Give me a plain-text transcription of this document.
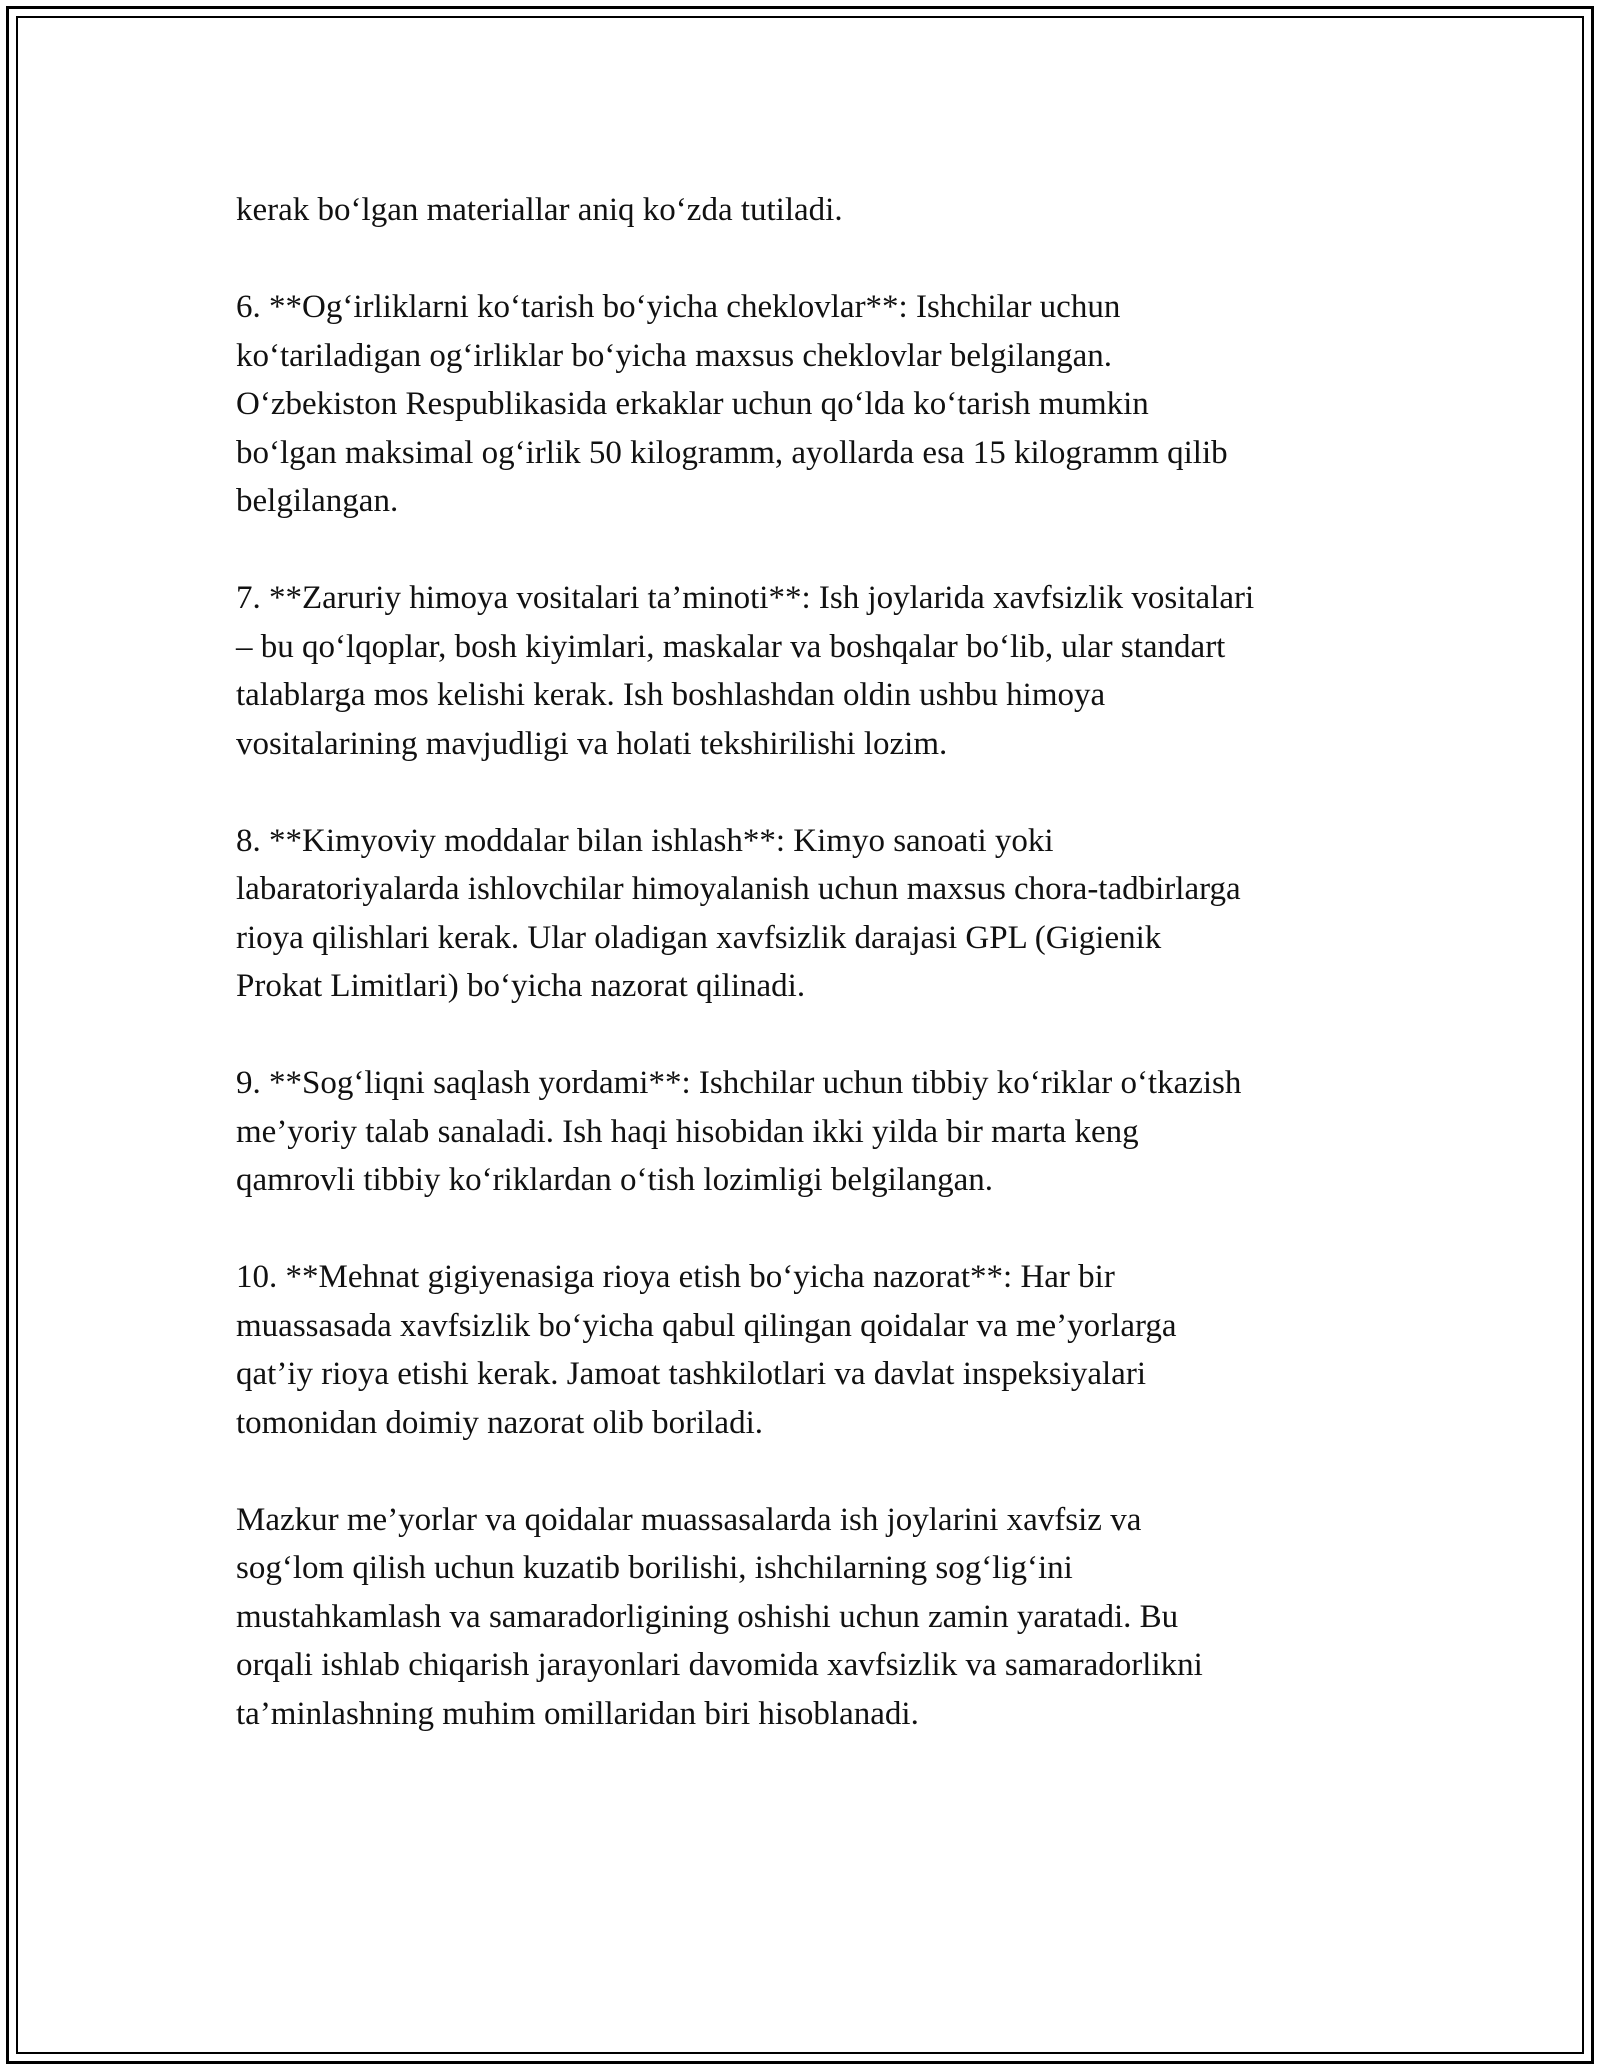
kerak bo‘lgan materiallar aniq ko‘zda tutiladi.

6. **Og‘irliklarni ko‘tarish bo‘yicha cheklovlar**: Ishchilar uchun
ko‘tariladigan og‘irliklar bo‘yicha maxsus cheklovlar belgilangan.
O‘zbekiston Respublikasida erkaklar uchun qo‘lda ko‘tarish mumkin
bo‘lgan maksimal og‘irlik 50 kilogramm, ayollarda esa 15 kilogramm qilib
belgilangan.

7. **Zaruriy himoya vositalari ta’minoti**: Ish joylarida xavfsizlik vositalari
– bu qo‘lqoplar, bosh kiyimlari, maskalar va boshqalar bo‘lib, ular standart
talablarga mos kelishi kerak. Ish boshlashdan oldin ushbu himoya
vositalarining mavjudligi va holati tekshirilishi lozim.

8. **Kimyoviy moddalar bilan ishlash**: Kimyo sanoati yoki
labaratoriyalarda ishlovchilar himoyalanish uchun maxsus chora-tadbirlarga
rioya qilishlari kerak. Ular oladigan xavfsizlik darajasi GPL (Gigienik
Prokat Limitlari) bo‘yicha nazorat qilinadi.

9. **Sog‘liqni saqlash yordami**: Ishchilar uchun tibbiy ko‘riklar o‘tkazish
me’yoriy talab sanaladi. Ish haqi hisobidan ikki yilda bir marta keng
qamrovli tibbiy ko‘riklardan o‘tish lozimligi belgilangan.

10. **Mehnat gigiyenasiga rioya etish bo‘yicha nazorat**: Har bir
muassasada xavfsizlik bo‘yicha qabul qilingan qoidalar va me’yorlarga
qat’iy rioya etishi kerak. Jamoat tashkilotlari va davlat inspeksiyalari
tomonidan doimiy nazorat olib boriladi.

Mazkur me’yorlar va qoidalar muassasalarda ish joylarini xavfsiz va
sog‘lom qilish uchun kuzatib borilishi, ishchilarning sog‘lig‘ini
mustahkamlash va samaradorligining oshishi uchun zamin yaratadi. Bu
orqali ishlab chiqarish jarayonlari davomida xavfsizlik va samaradorlikni
ta’minlashning muhim omillaridan biri hisoblanadi.
